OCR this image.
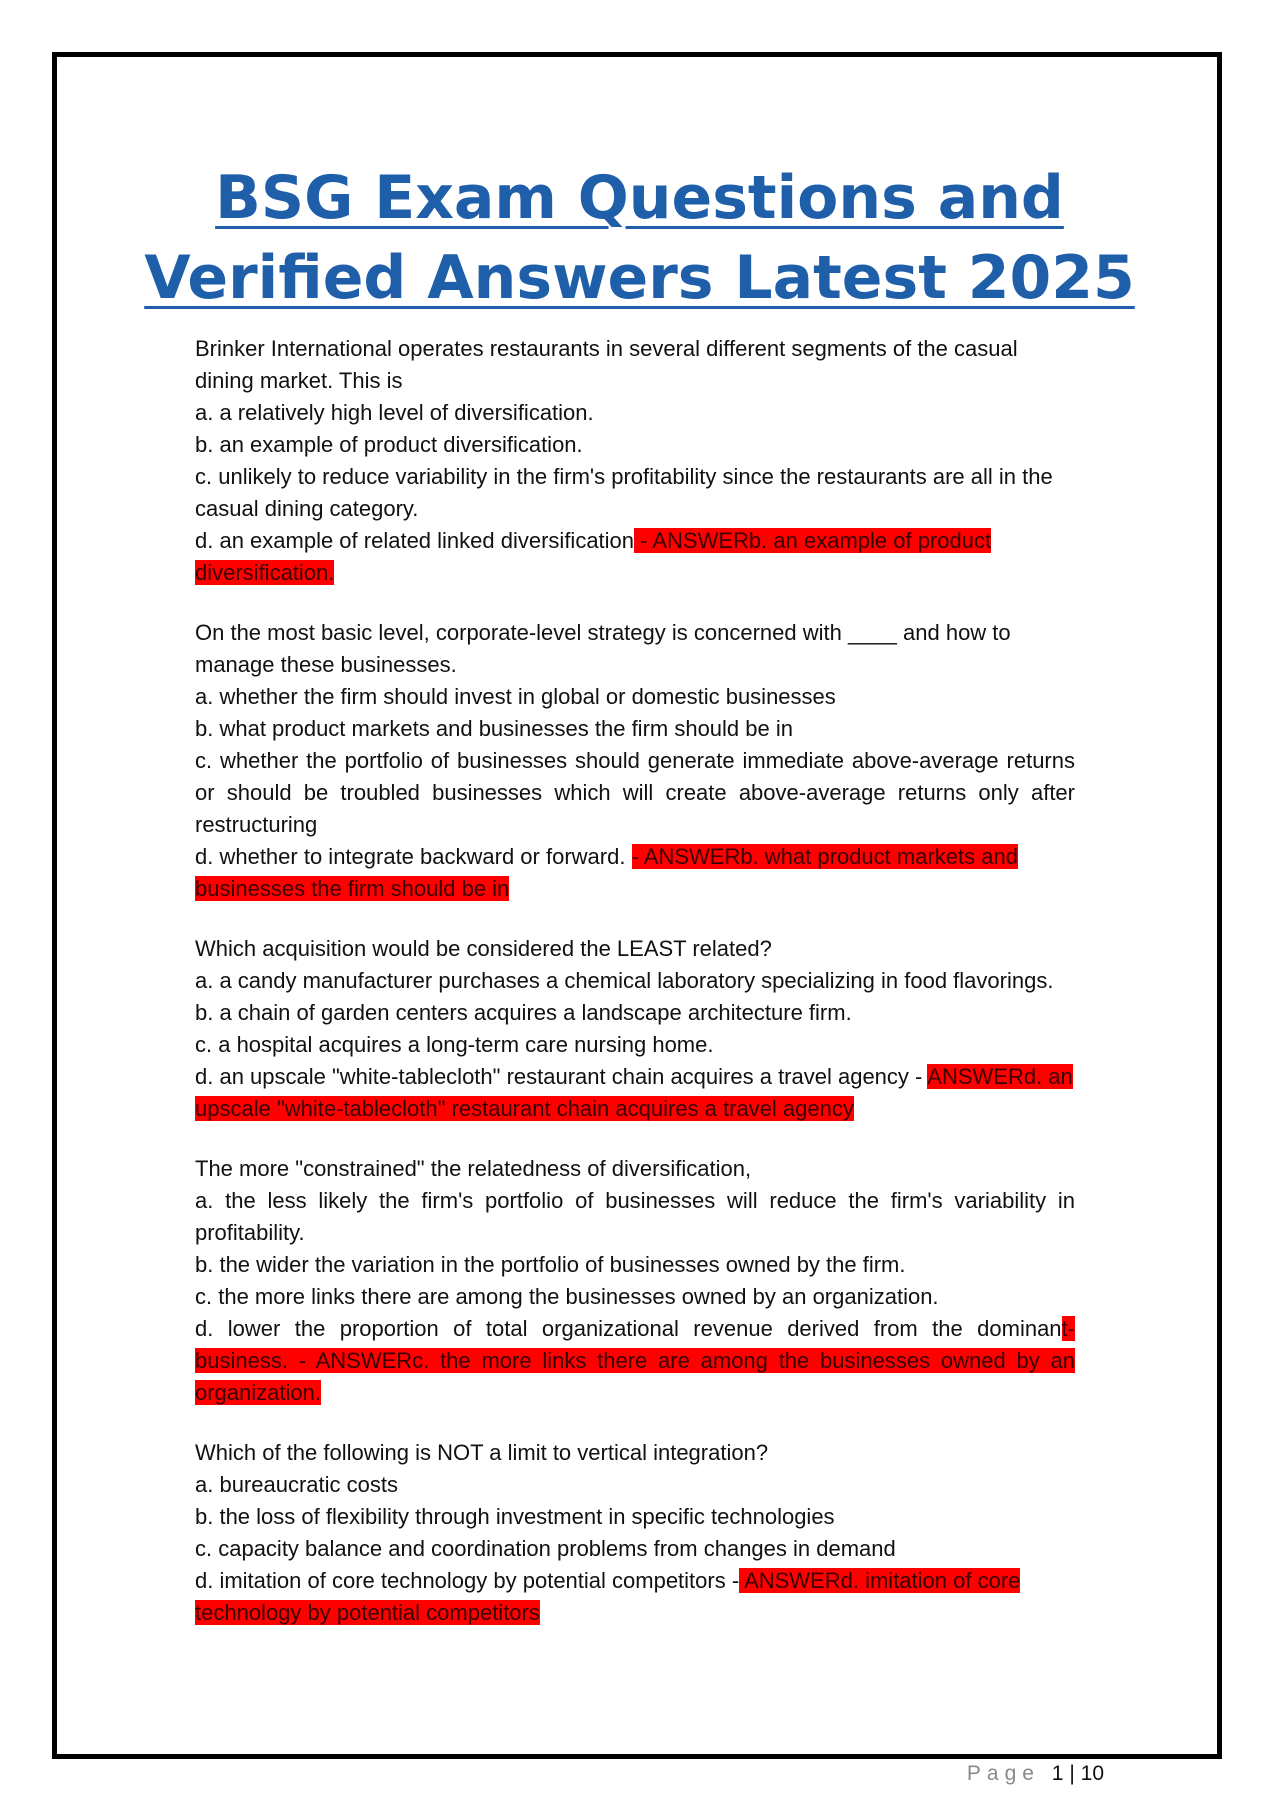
BSG Exam Questions and
Verified Answers Latest 2025

Brinker International operates restaurants in several different segments of the casual dining market. This is

a. a relatively high level of diversification.

b. an example of product diversification.

c. unlikely to reduce variability in the firm's profitability since the restaurants are all in the casual dining category.

d. an example of related linked diversification - ANSWERb. an example of product diversification.

On the most basic level, corporate-level strategy is concerned with ____ and how to manage these businesses.

a. whether the firm should invest in global or domestic businesses

b. what product markets and businesses the firm should be in

c. whether the portfolio of businesses should generate immediate above-average returns or should be troubled businesses which will create above-average returns only after restructuring

d. whether to integrate backward or forward. - ANSWERb. what product markets and businesses the firm should be in

Which acquisition would be considered the LEAST related?

a. a candy manufacturer purchases a chemical laboratory specializing in food flavorings.

b. a chain of garden centers acquires a landscape architecture firm.

c. a hospital acquires a long-term care nursing home.

d. an upscale "white-tablecloth" restaurant chain acquires a travel agency - ANSWERd. an upscale "white-tablecloth" restaurant chain acquires a travel agency

The more "constrained" the relatedness of diversification,

a. the less likely the firm's portfolio of businesses will reduce the firm's variability in profitability.

b. the wider the variation in the portfolio of businesses owned by the firm.

c. the more links there are among the businesses owned by an organization.

d. lower the proportion of total organizational revenue derived from the dominant-business. - ANSWERc. the more links there are among the businesses owned by an organization.

Which of the following is NOT a limit to vertical integration?

a. bureaucratic costs

b. the loss of flexibility through investment in specific technologies

c. capacity balance and coordination problems from changes in demand

d. imitation of core technology by potential competitors - ANSWERd. imitation of core technology by potential competitors

Page 1 | 10
